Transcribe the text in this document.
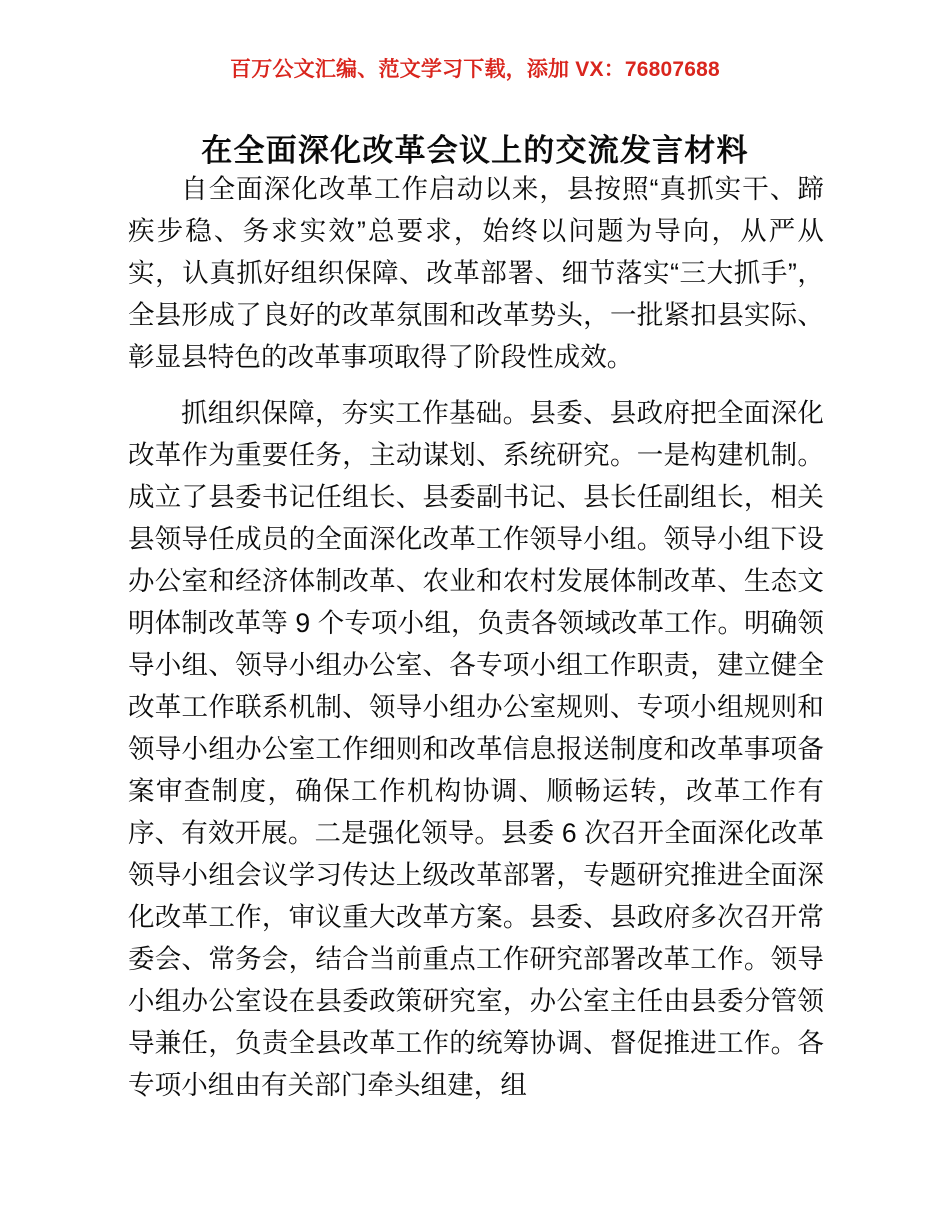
百万公文汇编、范文学习下载，添加 VX：76807688
在全面深化改革会议上的交流发言材料

自全面深化改革工作启动以来，县按照“真抓实干、蹄疾步稳、务求实效”总要求，始终以问题为导向，从严从实，认真抓好组织保障、改革部署、细节落实“三大抓手”，全县形成了良好的改革氛围和改革势头，一批紧扣县实际、彰显县特色的改革事项取得了阶段性成效。

抓组织保障，夯实工作基础。县委、县政府把全面深化改革作为重要任务，主动谋划、系统研究。一是构建机制。成立了县委书记任组长、县委副书记、县长任副组长，相关县领导任成员的全面深化改革工作领导小组。领导小组下设办公室和经济体制改革、农业和农村发展体制改革、生态文明体制改革等 9 个专项小组，负责各领域改革工作。明确领导小组、领导小组办公室、各专项小组工作职责，建立健全改革工作联系机制、领导小组办公室规则、专项小组规则和领导小组办公室工作细则和改革信息报送制度和改革事项备案审查制度，确保工作机构协调、顺畅运转，改革工作有序、有效开展。二是强化领导。县委 6 次召开全面深化改革领导小组会议学习传达上级改革部署，专题研究推进全面深化改革工作，审议重大改革方案。县委、县政府多次召开常委会、常务会，结合当前重点工作研究部署改革工作。领导小组办公室设在县委政策研究室，办公室主任由县委分管领导兼任，负责全县改革工作的统筹协调、督促推进工作。各专项小组由有关部门牵头组建，组
